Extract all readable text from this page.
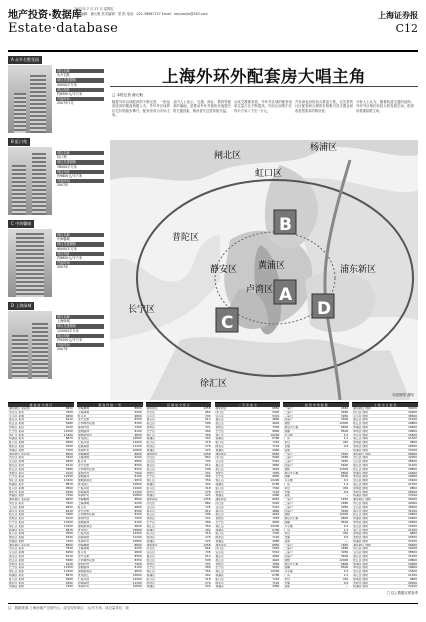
地产投资·数据库
2007年 7 月 27 日 星期五
责任编辑：谢元魁 美术编辑：蔡 阳 电话：021-38967157 Email：keyuanjie@163.com
Estate·database
上海证券报
C12
A 永升名墅花园
项目名称
永升名墅
项目总建面积
50000平方米
项目均价
约8500元/平方米
开盘时间
2007年7月
B 虹口苑
项目名称
虹口苑
项目总建面积
78000平方米
项目均价
约9800元/平方米
开盘时间
2007年
C 中海馨城
项目名称
中海馨城
项目总建面积
95000平方米
项目均价
约8800元/平方米
开盘时间
2007年
D 上海绿城
项目名称
上海绿城
项目总建面积
120000平方米
项目均价
约9200元/平方米
开盘时间
2007年
上海外环外配套房大唱主角
□ 本报记者 谢元魁
随着外环沿线配套的不断完善，一批品质较高的楼盘相继入市，外环外区域的住宅价格稳步攀升，配套房成为市场主角。
业内人士表示，交通、商业、教育等配套的落地，是推动外环外板块价值提升的关键因素，购房者关注度持续升温。
从成交数据来看，外环外区域的配套房成交量占比不断提高，均价区间集中在每平方米八千至一万元。
开发商也纷纷加大推盘力度，以完善的社区配套和合理的价格吸引首次置业和改善型需求的购房者。
分析人士认为，随着轨道交通的延伸，外环外区域仍有较大的发展空间，配套房将继续唱主角。
闸北区
杨浦区
虹口区
普陀区
静安区 黄浦区
卢湾区
浦东新区
长宁区
徐汇区
B
A
C
D
本版制图 谢阳
楼 盘 成 交 排 行
浦东新区 某花园	8650
闵行区 某苑	7820
宝山区 某城	6950
嘉定区 某湾	6210
松江区 某园	5980
普陀区 某府	9120
长宁区 某庭	12500
徐汇区 某邸	13200
杨浦区 某苑	8870
虹口区 某城	9560
闸北区 某园	9340
青浦区 某墅	7450
浦东新区 某花园	8650
闵行区 某苑	7820
宝山区 某城	6950
嘉定区 某湾	6210
松江区 某园	5980
普陀区 某府	9120
长宁区 某庭	12500
徐汇区 某邸	13200
杨浦区 某苑	8870
虹口区 某城	9560
闸北区 某园	9340
青浦区 某墅	7450
浦东新区 某花园	8650
闵行区 某苑	7820
宝山区 某城	6950
嘉定区 某湾	6210
松江区 某园	5980
普陀区 某府	9120
长宁区 某庭	12500
徐汇区 某邸	13200
杨浦区 某苑	8870
虹口区 某城	9560
闸北区 某园	9340
青浦区 某墅	7450
浦东新区 某花园	8650
闵行区 某苑	7820
宝山区 某城	6950
嘉定区 某湾	6210
松江区 某园	5980
普陀区 某府	9120
长宁区 某庭	12500
徐汇区 某邸	13200
杨浦区 某苑	8870
虹口区 某城	9560
闸北区 某园	9340
青浦区 某墅	7450
新 盘 价 格 一 览
中海馨城	8800
上海绿城	9200
虹口苑	9800
永升名墅	8500
万科城市花园	8350
保利叶语	7900
金地格林	8100
绿地新都会	9650
世茂滨江	15800
仁恒河滨	14900
招商海德	11200
华润中央	10800
中海馨城	8800
上海绿城	9200
虹口苑	9800
永升名墅	8500
万科城市花园	8350
保利叶语	7900
金地格林	8100
绿地新都会	9650
世茂滨江	15800
仁恒河滨	14900
招商海德	11200
华润中央	10800
中海馨城	8800
上海绿城	9200
虹口苑	9800
永升名墅	8500
万科城市花园	8350
保利叶语	7900
金地格林	8100
绿地新都会	9650
世茂滨江	15800
仁恒河滨	14900
招商海德	11200
华润中央	10800
中海馨城	8800
上海绿城	9200
虹口苑	9800
永升名墅	8500
万科城市花园	8350
保利叶语	7900
金地格林	8100
绿地新都会	9650
世茂滨江	15800
仁恒河滨	14900
招商海德	11200
华润中央	10800
区 域 成 交 统 计
浦东新区	1258
闵行区	862
宝山区	745
嘉定区	612
松江区	598
普陀区	431
长宁区	289
徐汇区	356
杨浦区	402
虹口区	318
闸北区	276
青浦区	224
浦东新区	1258
闵行区	862
宝山区	745
嘉定区	612
松江区	598
普陀区	431
长宁区	289
徐汇区	356
杨浦区	402
虹口区	318
闸北区	276
青浦区	224
浦东新区	1258
闵行区	862
宝山区	745
嘉定区	612
松江区	598
普陀区	431
长宁区	289
徐汇区	356
杨浦区	402
虹口区	318
闸北区	276
青浦区	224
浦东新区	1258
闵行区	862
宝山区	745
嘉定区	612
松江区	598
普陀区	431
长宁区	289
徐汇区	356
杨浦区	402
虹口区	318
闸北区	276
青浦区	224
二 手 房 成 交
浦东新区	6850
闵行区	5920
宝山区	5310
嘉定区	4860
松江区	4620
普陀区	7050
长宁区	9800
徐汇区	10200
杨浦区	6780
虹口区	7340
闸北区	7120
青浦区	4980
浦东新区	6850
闵行区	5920
宝山区	5310
嘉定区	4860
松江区	4620
普陀区	7050
长宁区	9800
徐汇区	10200
杨浦区	6780
虹口区	7340
闸北区	7120
青浦区	4980
浦东新区	6850
闵行区	5920
宝山区	5310
嘉定区	4860
松江区	4620
普陀区	7050
长宁区	9800
徐汇区	10200
杨浦区	6780
虹口区	7340
闸北区	7120
青浦区	4980
浦东新区	6850
闵行区	5920
宝山区	5310
嘉定区	4860
松江区	4620
普陀区	7050
长宁区	9800
徐汇区	10200
杨浦区	6780
虹口区	7340
闸北区	7120
青浦区	4980
租 赁 市 场 数 据
一室户	1850
二室户	2680
三室户	3950
四室户	5600
别墅	12000
酒店式公寓	6800
商铺	8500
写字楼	4.5
厂房	1.2
车位	450
仓储	0.9
其他	—
一室户	1850
二室户	2680
三室户	3950
四室户	5600
别墅	12000
酒店式公寓	6800
商铺	8500
写字楼	4.5
厂房	1.2
车位	450
仓储	0.9
其他	—
一室户	1850
二室户	2680
三室户	3950
四室户	5600
别墅	12000
酒店式公寓	6800
商铺	8500
写字楼	4.5
厂房	1.2
车位	450
仓储	0.9
其他	—
一室户	1850
二室户	2680
三室户	3950
四室户	5600
别墅	12000
酒店式公寓	6800
商铺	8500
写字楼	4.5
厂房	1.2
车位	450
仓储	0.9
其他	—
土 地 出 让 信 息
浦东新区 地块	56000
闵行区 地块	42000
宝山区 地块	38500
嘉定区 地块	31200
松江区 地块	29800
青浦区 地块	24600
奉贤区 地块	18900
金山区 地块	15400
南汇区 地块	21300
崇明县 地块	9800
普陀区 地块	26500
杨浦区 地块	33100
浦东新区 地块	56000
闵行区 地块	42000
宝山区 地块	38500
嘉定区 地块	31200
松江区 地块	29800
青浦区 地块	24600
奉贤区 地块	18900
金山区 地块	15400
南汇区 地块	21300
崇明县 地块	9800
普陀区 地块	26500
杨浦区 地块	33100
浦东新区 地块	56000
闵行区 地块	42000
宝山区 地块	38500
嘉定区 地块	31200
松江区 地块	29800
青浦区 地块	24600
奉贤区 地块	18900
金山区 地块	15400
南汇区 地块	21300
崇明县 地块	9800
普陀区 地块	26500
杨浦区 地块	33100
浦东新区 地块	56000
闵行区 地块	42000
宝山区 地块	38500
嘉定区 地块	31200
松江区 地块	29800
青浦区 地块	24600
奉贤区 地块	18900
金山区 地块	15400
南汇区 地块	21300
崇明县 地块	9800
普陀区 地块	26500
杨浦区 地块	33100
□ 以上数据仅供参考
注：数据来源 上海房地产交易中心；成交均价单位：元/平方米；成交量单位：套
